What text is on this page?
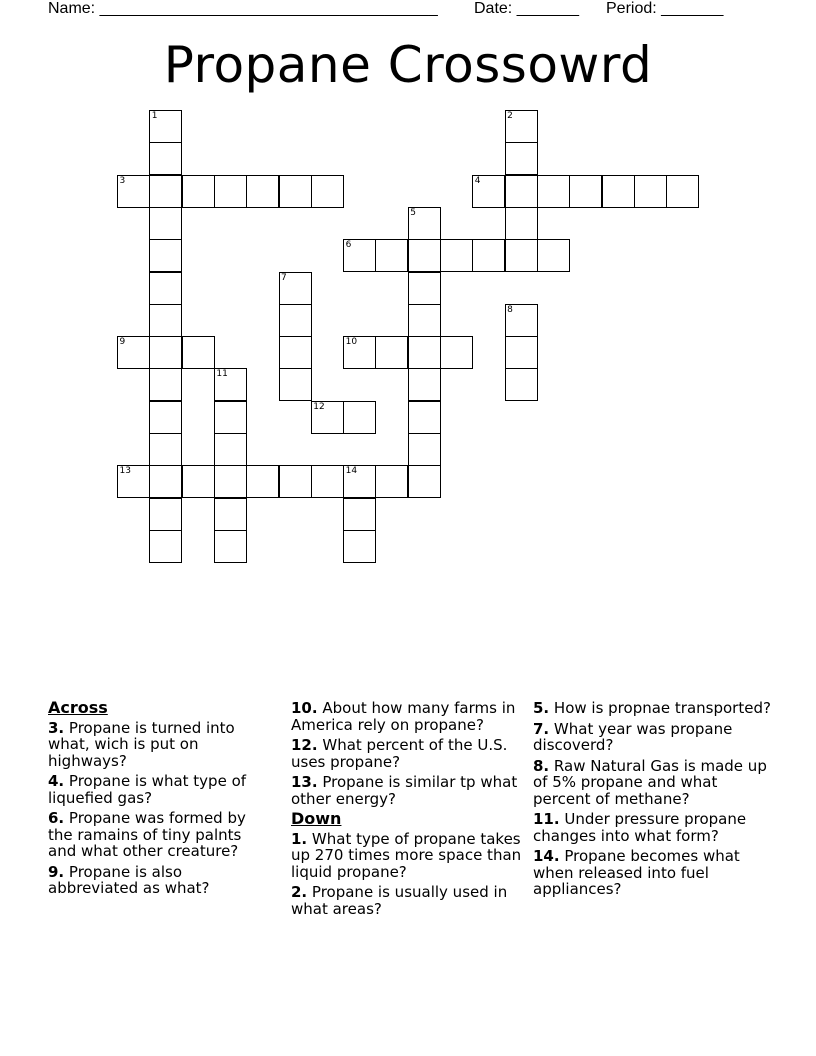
Name: ______________________________________ Date: _______ Period: _______
Propane Crossowrd
1	2
3	4
5
6
7
8
9	10
11
12
13	14
Across
3. Propane is turned into what, wich is put on highways?
4. Propane is what type of liquefied gas?
6. Propane was formed by the ramains of tiny palnts and what other creature?
9. Propane is also abbreviated as what?
10. About how many farms in America rely on propane?
12. What percent of the U.S. uses propane?
13. Propane is similar tp what other energy?
Down
1. What type of propane takes up 270 times more space than liquid propane?
2. Propane is usually used in what areas?
5. How is propnae transported?
7. What year was propane discoverd?
8. Raw Natural Gas is made up of 5% propane and what percent of methane?
11. Under pressure propane changes into what form?
14. Propane becomes what when released into fuel appliances?
